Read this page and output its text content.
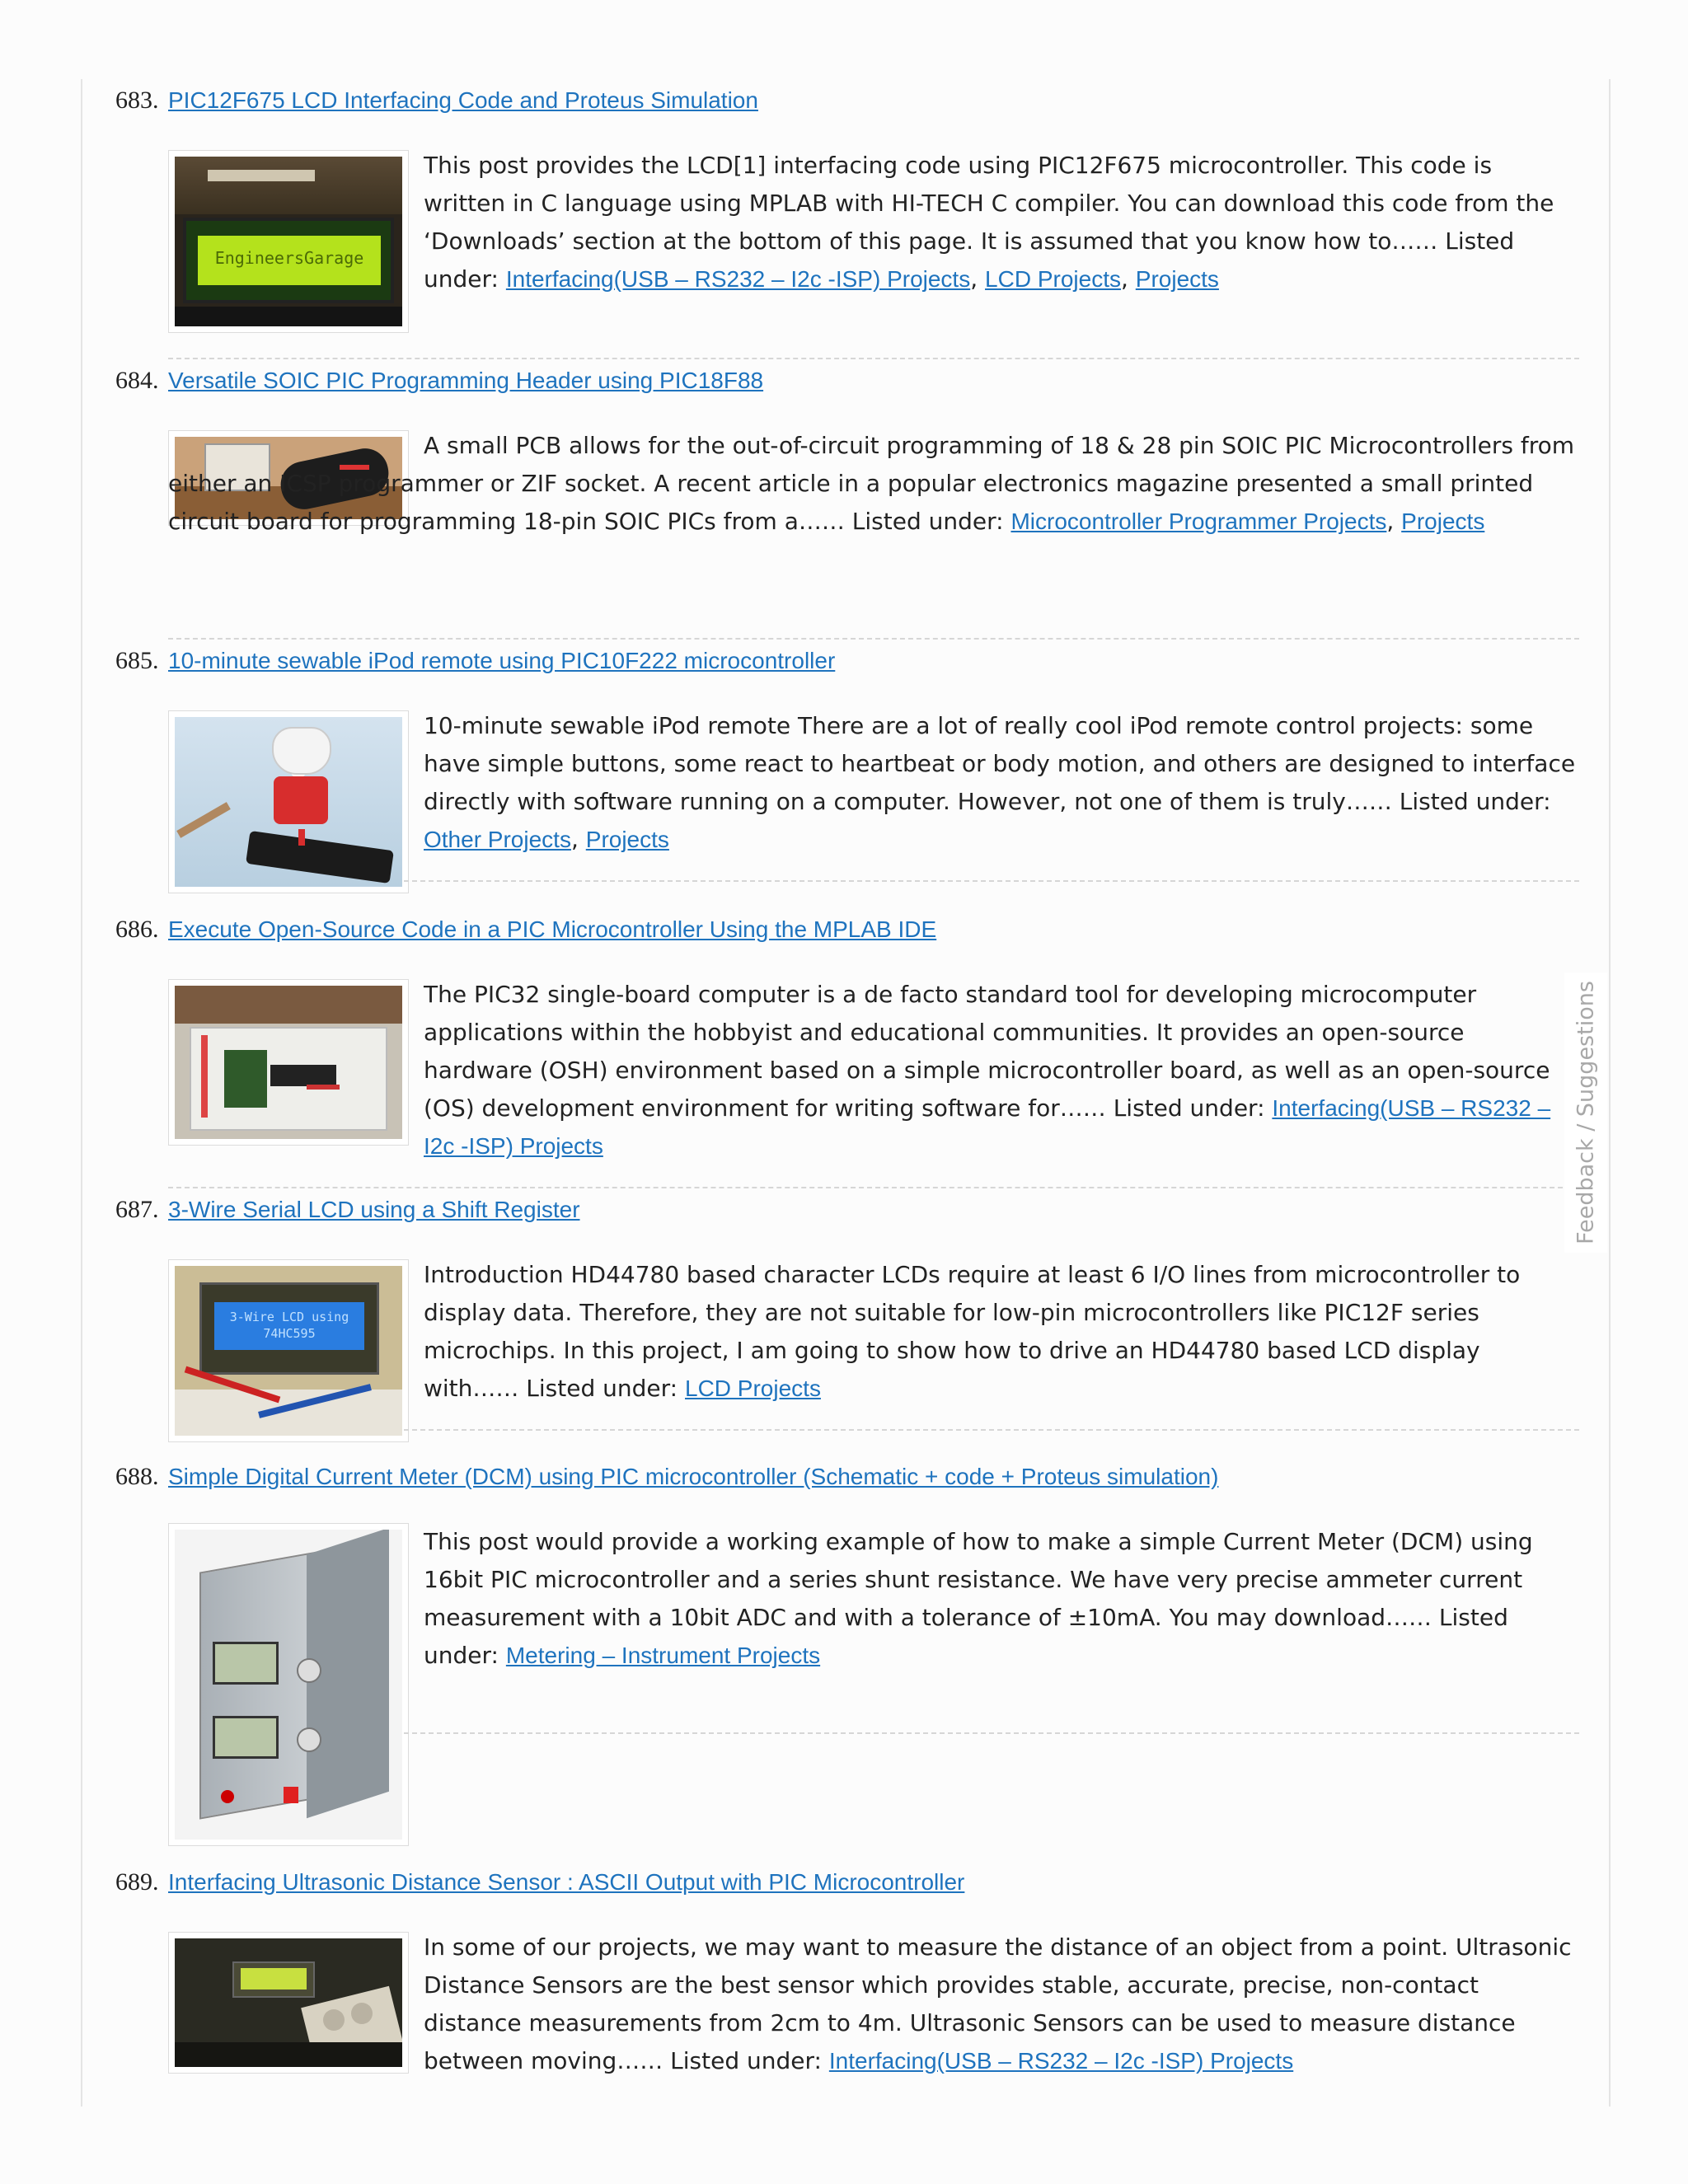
683. PIC12F675 LCD Interfacing Code and Proteus Simulation
EngineersGarage

This post provides the LCD[1] interfacing code using PIC12F675 microcontroller. This code is written in C language using MPLAB with HI-TECH C compiler. You can download this code from the ‘Downloads’ section at the bottom of this page. It is assumed that you know how to…… Listed under: Interfacing(USB – RS232 – I2c -ISP) Projects, LCD Projects, Projects

684. Versatile SOIC PIC Programming Header using PIC18F88

A small PCB allows for the out-of-circuit programming of 18 & 28 pin SOIC PIC Microcontrollers from either an ICSP programmer or ZIF socket. A recent article in a popular electronics magazine presented a small printed circuit board for programming 18-pin SOIC PICs from a…… Listed under: Microcontroller Programmer Projects, Projects

685. 10-minute sewable iPod remote using PIC10F222 microcontroller

10-minute sewable iPod remote There are a lot of really cool iPod remote control projects: some have simple buttons, some react to heartbeat or body motion, and others are designed to interface directly with software running on a computer. However, not one of them is truly…… Listed under: Other Projects, Projects

686. Execute Open-Source Code in a PIC Microcontroller Using the MPLAB IDE

The PIC32 single-board computer is a de facto standard tool for developing microcomputer applications within the hobbyist and educational communities. It provides an open-source hardware (OSH) environment based on a simple microcontroller board, as well as an open-source (OS) development environment for writing software for…… Listed under: Interfacing(USB – RS232 – I2c -ISP) Projects

687. 3-Wire Serial LCD using a Shift Register
3-Wire LCD using 74HC595

Introduction HD44780 based character LCDs require at least 6 I/O lines from microcontroller to display data. Therefore, they are not suitable for low-pin microcontrollers like PIC12F series microchips. In this project, I am going to show how to drive an HD44780 based LCD display with…… Listed under: LCD Projects

688. Simple Digital Current Meter (DCM) using PIC microcontroller (Schematic + code + Proteus simulation)

This post would provide a working example of how to make a simple Current Meter (DCM) using 16bit PIC microcontroller and a series shunt resistance. We have very precise ammeter current measurement with a 10bit ADC and with a tolerance of ±10mA. You may download…… Listed under: Metering – Instrument Projects

689. Interfacing Ultrasonic Distance Sensor : ASCII Output with PIC Microcontroller

In some of our projects, we may want to measure the distance of an object from a point. Ultrasonic Distance Sensors are the best sensor which provides stable, accurate, precise, non-contact distance measurements from 2cm to 4m. Ultrasonic Sensors can be used to measure distance between moving…… Listed under: Interfacing(USB – RS232 – I2c -ISP) Projects

Feedback / Suggestions
